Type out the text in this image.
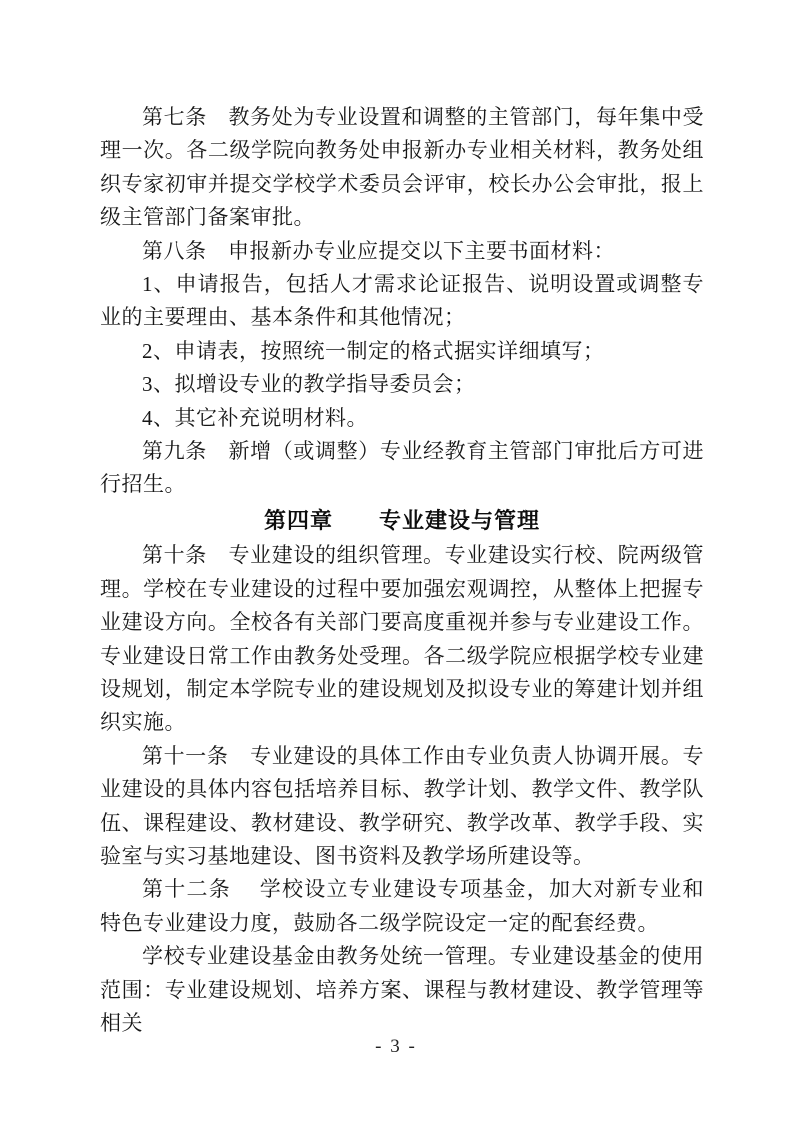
第七条　教务处为专业设置和调整的主管部门，每年集中受理一次。各二级学院向教务处申报新办专业相关材料，教务处组织专家初审并提交学校学术委员会评审，校长办公会审批，报上级主管部门备案审批。

第八条　申报新办专业应提交以下主要书面材料：

1、申请报告，包括人才需求论证报告、说明设置或调整专业的主要理由、基本条件和其他情况；

2、申请表，按照统一制定的格式据实详细填写；

3、拟增设专业的教学指导委员会；

4、其它补充说明材料。

第九条　新增（或调整）专业经教育主管部门审批后方可进行招生。

第四章　　专业建设与管理

第十条　专业建设的组织管理。专业建设实行校、院两级管理。学校在专业建设的过程中要加强宏观调控，从整体上把握专业建设方向。全校各有关部门要高度重视并参与专业建设工作。专业建设日常工作由教务处受理。各二级学院应根据学校专业建设规划，制定本学院专业的建设规划及拟设专业的筹建计划并组织实施。

第十一条　专业建设的具体工作由专业负责人协调开展。专业建设的具体内容包括培养目标、教学计划、教学文件、教学队伍、课程建设、教材建设、教学研究、教学改革、教学手段、实验室与实习基地建设、图书资料及教学场所建设等。

第十二条　 学校设立专业建设专项基金，加大对新专业和特色专业建设力度，鼓励各二级学院设定一定的配套经费。

学校专业建设基金由教务处统一管理。专业建设基金的使用范围：专业建设规划、培养方案、课程与教材建设、教学管理等相关

- 3 -
